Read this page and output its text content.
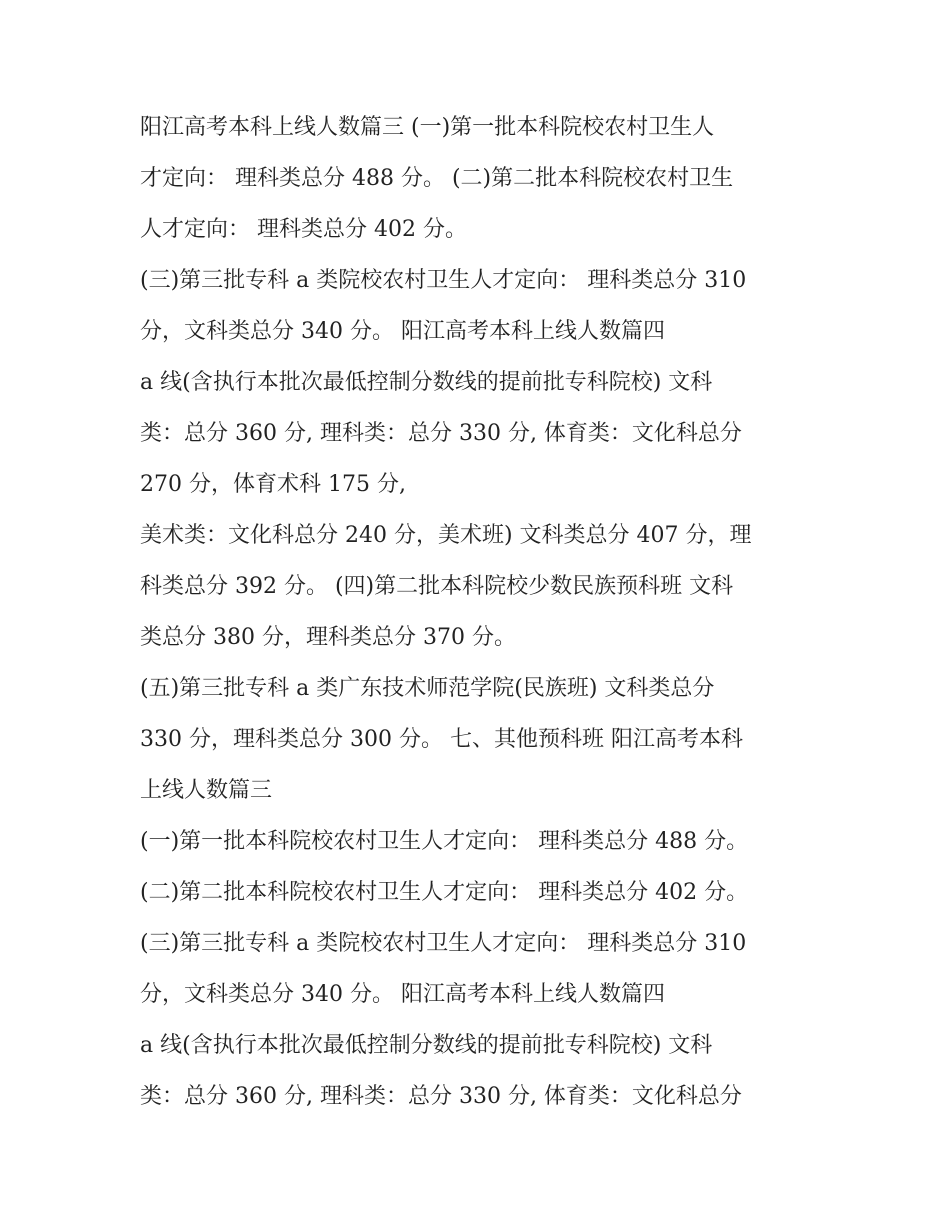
阳江高考本科上线人数篇三 (一)第一批本科院校农村卫生人
才定向： 理科类总分 488 分。 (二)第二批本科院校农村卫生
人才定向： 理科类总分 402 分。
(三)第三批专科 a 类院校农村卫生人才定向： 理科类总分 310
分，文科类总分 340 分。 阳江高考本科上线人数篇四
a 线(含执行本批次最低控制分数线的提前批专科院校) 文科
类：总分 360 分, 理科类：总分 330 分, 体育类：文化科总分
270 分，体育术科 175 分,
美术类：文化科总分 240 分，美术班) 文科类总分 407 分，理
科类总分 392 分。 (四)第二批本科院校少数民族预科班 文科
类总分 380 分，理科类总分 370 分。
(五)第三批专科 a 类广东技术师范学院(民族班) 文科类总分
330 分，理科类总分 300 分。 七、其他预科班 阳江高考本科
上线人数篇三
(一)第一批本科院校农村卫生人才定向： 理科类总分 488 分。
(二)第二批本科院校农村卫生人才定向： 理科类总分 402 分。
(三)第三批专科 a 类院校农村卫生人才定向： 理科类总分 310
分，文科类总分 340 分。 阳江高考本科上线人数篇四
a 线(含执行本批次最低控制分数线的提前批专科院校) 文科
类：总分 360 分, 理科类：总分 330 分, 体育类：文化科总分
